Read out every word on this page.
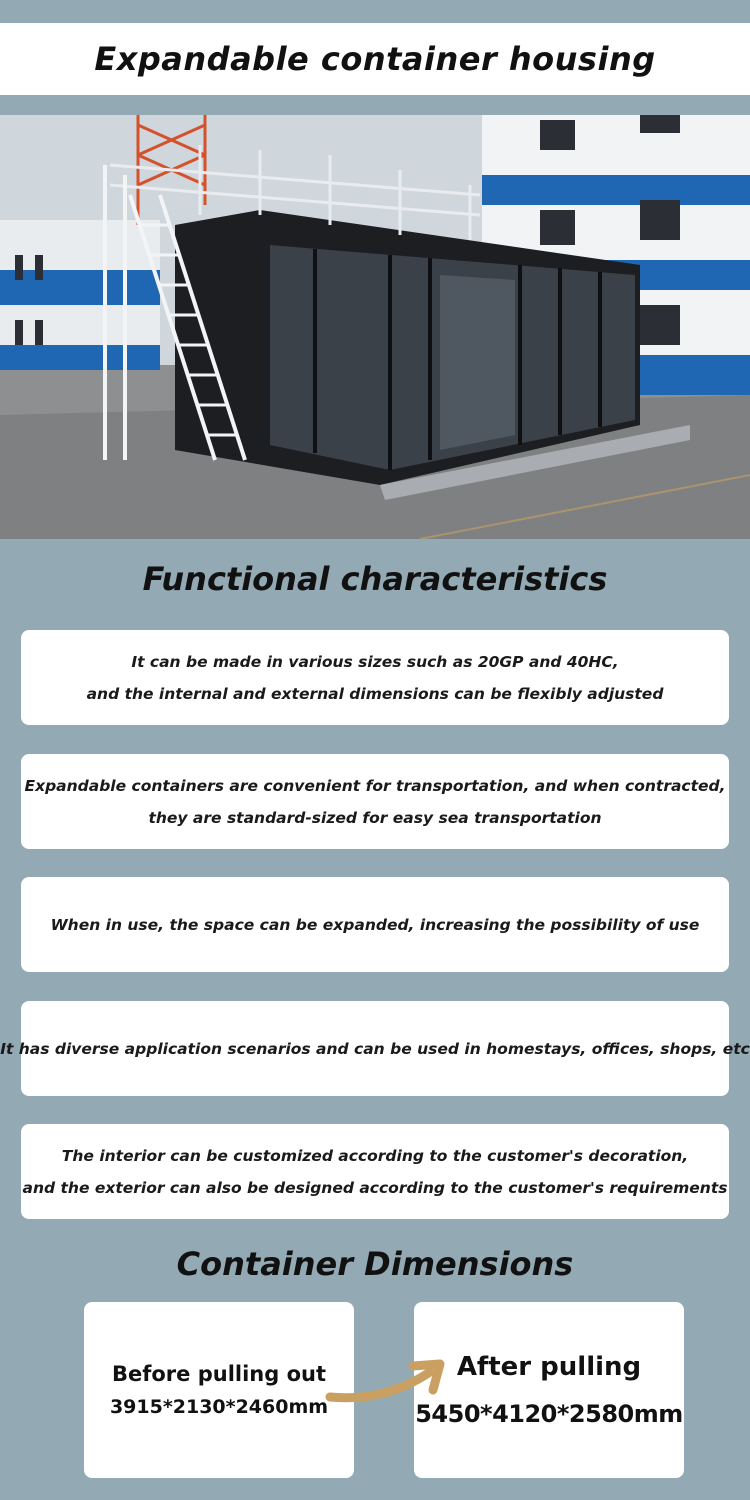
Expandable container housing
Functional characteristics
It can be made in various sizes such as 20GP and 40HC,
and the internal and external dimensions can be flexibly adjusted
Expandable containers are convenient for transportation, and when contracted,
they are standard-sized for easy sea transportation
When in use, the space can be expanded, increasing the possibility of use
It has diverse application scenarios and can be used in homestays, offices, shops, etc
The interior can be customized according to the customer's decoration,
and the exterior can also be designed according to the customer's requirements
Container Dimensions
Before pulling out
3915*2130*2460mm
After pulling
5450*4120*2580mm
